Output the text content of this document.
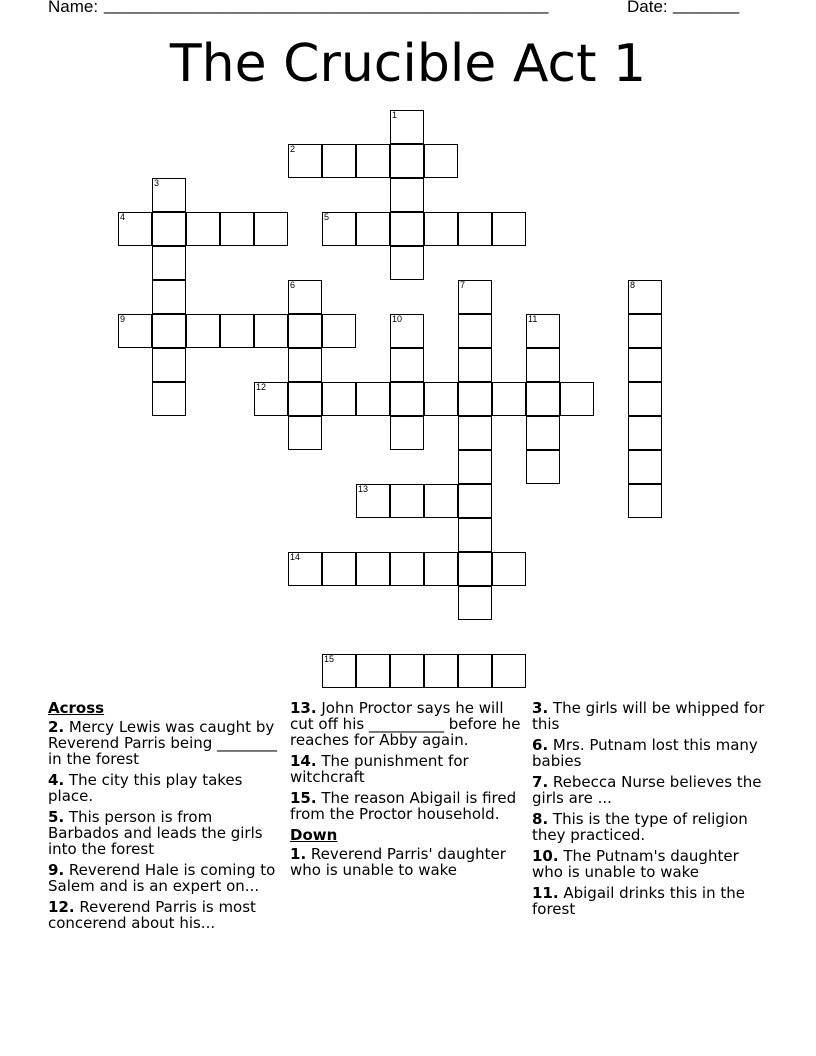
Name: _______________________________________________	Date: _______
The Crucible Act 1
1
2
3
4	5
6	7	8
9	10	11
12
13
14
15
Across
2. Mercy Lewis was caught by Reverend Parris being ________ in the forest
4. The city this play takes place.
5. This person is from Barbados and leads the girls into the forest
9. Reverend Hale is coming to Salem and is an expert on...
12. Reverend Parris is most concerend about his...
13. John Proctor says he will cut off his __________ before he reaches for Abby again.
14. The punishment for witchcraft
15. The reason Abigail is fired from the Proctor household.
Down
1. Reverend Parris' daughter who is unable to wake
3. The girls will be whipped for this
6. Mrs. Putnam lost this many babies
7. Rebecca Nurse believes the girls are ...
8. This is the type of religion they practiced.
10. The Putnam's daughter who is unable to wake
11. Abigail drinks this in the forest
